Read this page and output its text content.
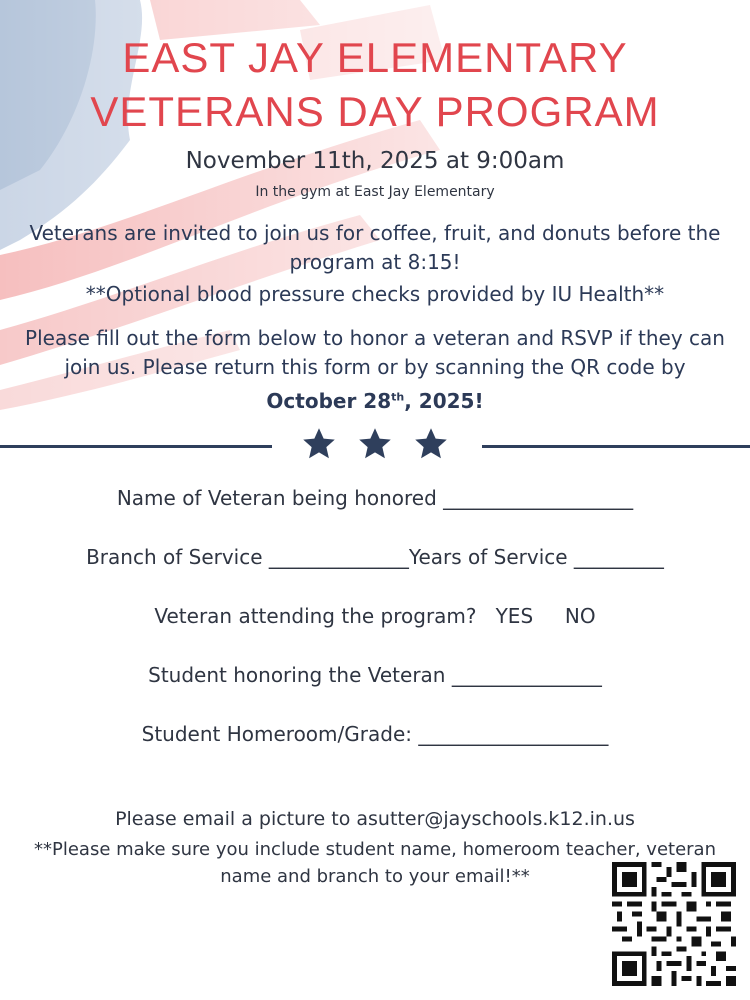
EAST JAY ELEMENTARY
VETERANS DAY PROGRAM
November 11th, 2025 at 9:00am
In the gym at East Jay Elementary
Veterans are invited to join us for coffee, fruit, and donuts before the program at 8:15!
**Optional blood pressure checks provided by IU Health**
Please fill out the form below to honor a veteran and RSVP if they can join us. Please return this form or by scanning the QR code by
October 28th, 2025!
Name of Veteran being honored ___________________
Branch of Service ______________Years of Service _________
Veteran attending the program?   YES     NO
Student honoring the Veteran _______________
Student Homeroom/Grade: ___________________
Please email a picture to asutter@jayschools.k12.in.us
**Please make sure you include student name, homeroom teacher, veteran name and branch to your email!**
